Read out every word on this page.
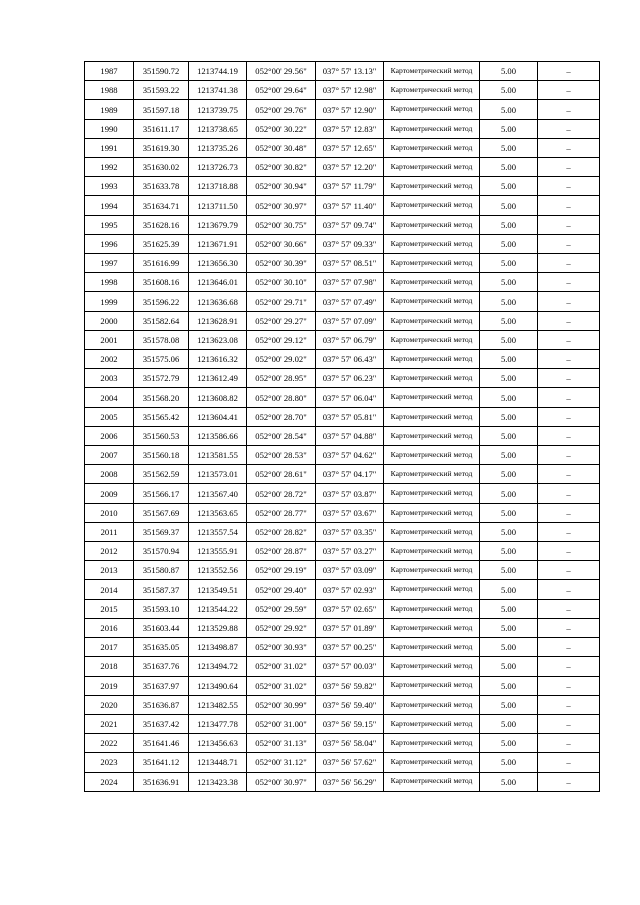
1987	351590.72	1213744.19	052°00' 29.56"	037° 57' 13.13"	Картометрический метод	5.00	–
1988	351593.22	1213741.38	052°00' 29.64"	037° 57' 12.98"	Картометрический метод	5.00	–
1989	351597.18	1213739.75	052°00' 29.76"	037° 57' 12.90"	Картометрический метод	5.00	–
1990	351611.17	1213738.65	052°00' 30.22"	037° 57' 12.83"	Картометрический метод	5.00	–
1991	351619.30	1213735.26	052°00' 30.48"	037° 57' 12.65"	Картометрический метод	5.00	–
1992	351630.02	1213726.73	052°00' 30.82"	037° 57' 12.20"	Картометрический метод	5.00	–
1993	351633.78	1213718.88	052°00' 30.94"	037° 57' 11.79"	Картометрический метод	5.00	–
1994	351634.71	1213711.50	052°00' 30.97"	037° 57' 11.40"	Картометрический метод	5.00	–
1995	351628.16	1213679.79	052°00' 30.75"	037° 57' 09.74"	Картометрический метод	5.00	–
1996	351625.39	1213671.91	052°00' 30.66"	037° 57' 09.33"	Картометрический метод	5.00	–
1997	351616.99	1213656.30	052°00' 30.39"	037° 57' 08.51"	Картометрический метод	5.00	–
1998	351608.16	1213646.01	052°00' 30.10"	037° 57' 07.98"	Картометрический метод	5.00	–
1999	351596.22	1213636.68	052°00' 29.71"	037° 57' 07.49"	Картометрический метод	5.00	–
2000	351582.64	1213628.91	052°00' 29.27"	037° 57' 07.09"	Картометрический метод	5.00	–
2001	351578.08	1213623.08	052°00' 29.12"	037° 57' 06.79"	Картометрический метод	5.00	–
2002	351575.06	1213616.32	052°00' 29.02"	037° 57' 06.43"	Картометрический метод	5.00	–
2003	351572.79	1213612.49	052°00' 28.95"	037° 57' 06.23"	Картометрический метод	5.00	–
2004	351568.20	1213608.82	052°00' 28.80"	037° 57' 06.04"	Картометрический метод	5.00	–
2005	351565.42	1213604.41	052°00' 28.70"	037° 57' 05.81"	Картометрический метод	5.00	–
2006	351560.53	1213586.66	052°00' 28.54"	037° 57' 04.88"	Картометрический метод	5.00	–
2007	351560.18	1213581.55	052°00' 28.53"	037° 57' 04.62"	Картометрический метод	5.00	–
2008	351562.59	1213573.01	052°00' 28.61"	037° 57' 04.17"	Картометрический метод	5.00	–
2009	351566.17	1213567.40	052°00' 28.72"	037° 57' 03.87"	Картометрический метод	5.00	–
2010	351567.69	1213563.65	052°00' 28.77"	037° 57' 03.67"	Картометрический метод	5.00	–
2011	351569.37	1213557.54	052°00' 28.82"	037° 57' 03.35"	Картометрический метод	5.00	–
2012	351570.94	1213555.91	052°00' 28.87"	037° 57' 03.27"	Картометрический метод	5.00	–
2013	351580.87	1213552.56	052°00' 29.19"	037° 57' 03.09"	Картометрический метод	5.00	–
2014	351587.37	1213549.51	052°00' 29.40"	037° 57' 02.93"	Картометрический метод	5.00	–
2015	351593.10	1213544.22	052°00' 29.59"	037° 57' 02.65"	Картометрический метод	5.00	–
2016	351603.44	1213529.88	052°00' 29.92"	037° 57' 01.89"	Картометрический метод	5.00	–
2017	351635.05	1213498.87	052°00' 30.93"	037° 57' 00.25"	Картометрический метод	5.00	–
2018	351637.76	1213494.72	052°00' 31.02"	037° 57' 00.03"	Картометрический метод	5.00	–
2019	351637.97	1213490.64	052°00' 31.02"	037° 56' 59.82"	Картометрический метод	5.00	–
2020	351636.87	1213482.55	052°00' 30.99"	037° 56' 59.40"	Картометрический метод	5.00	–
2021	351637.42	1213477.78	052°00' 31.00"	037° 56' 59.15"	Картометрический метод	5.00	–
2022	351641.46	1213456.63	052°00' 31.13"	037° 56' 58.04"	Картометрический метод	5.00	–
2023	351641.12	1213448.71	052°00' 31.12"	037° 56' 57.62"	Картометрический метод	5.00	–
2024	351636.91	1213423.38	052°00' 30.97"	037° 56' 56.29"	Картометрический метод	5.00	–
